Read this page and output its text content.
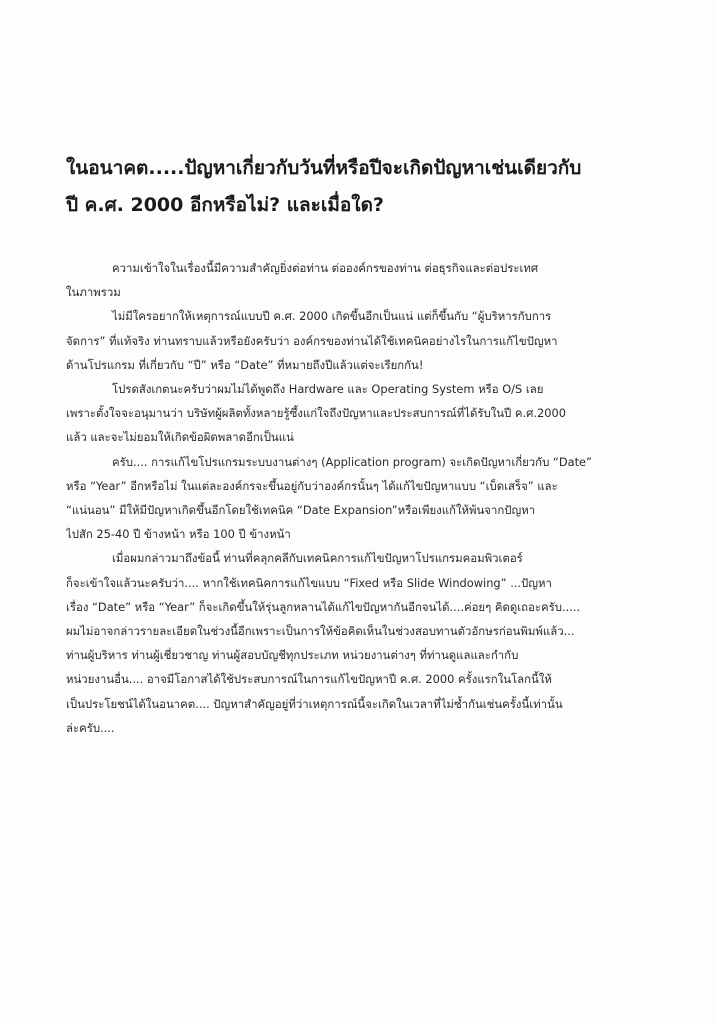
ในอนาคต.....ปัญหาเกี่ยวกับวันที่หรือปีจะเกิดปัญหาเช่นเดียวกับ
ปี ค.ศ. 2000 อีกหรือไม่? และเมื่อใด?
ความเข้าใจในเรื่องนี้มีความสำคัญยิ่งต่อท่าน ต่อองค์กรของท่าน ต่อธุรกิจและต่อประเทศ
ในภาพรวม
ไม่มีใครอยากให้เหตุการณ์แบบปี ค.ศ. 2000 เกิดขึ้นอีกเป็นแน่ แต่ก็ขึ้นกับ “ผู้บริหารกับการ
จัดการ” ที่แท้จริง ท่านทราบแล้วหรือยังครับว่า องค์กรของท่านได้ใช้เทคนิคอย่างไรในการแก้ไขปัญหา
ด้านโปรแกรม ที่เกี่ยวกับ “ปี” หรือ “Date” ที่หมายถึงปีแล้วแต่จะเรียกกัน!
โปรดสังเกตนะครับว่าผมไม่ได้พูดถึง Hardware และ Operating System หรือ O/S เลย
เพราะตั้งใจจะอนุมานว่า บริษัทผู้ผลิตทั้งหลายรู้ซึ้งแก่ใจถึงปัญหาและประสบการณ์ที่ได้รับในปี ค.ศ.2000
แล้ว และจะไม่ยอมให้เกิดข้อผิดพลาดอีกเป็นแน่
ครับ.... การแก้ไขโปรแกรมระบบงานต่างๆ (Application program) จะเกิดปัญหาเกี่ยวกับ “Date”
หรือ “Year” อีกหรือไม่ ในแต่ละองค์กรจะขึ้นอยู่กับว่าองค์กรนั้นๆ ได้แก้ไขปัญหาแบบ “เบ็ดเสร็จ” และ
“แน่นอน” มีให้มีปัญหาเกิดขึ้นอีกโดยใช้เทคนิค “Date Expansion”หรือเพียงแก้ให้พ้นจากปัญหา
ไปสัก 25-40 ปี ข้างหน้า หรือ 100 ปี ข้างหน้า
เมื่อผมกล่าวมาถึงข้อนี้ ท่านที่คลุกคลีกับเทคนิคการแก้ไขปัญหาโปรแกรมคอมพิวเตอร์
ก็จะเข้าใจแล้วนะครับว่า.... หากใช้เทคนิคการแก้ไขแบบ “Fixed หรือ Slide Windowing” ...ปัญหา
เรื่อง “Date” หรือ “Year” ก็จะเกิดขึ้นให้รุ่นลูกหลานได้แก้ไขปัญหากันอีกจนได้....ค่อยๆ คิดดูเถอะครับ.....
ผมไม่อาจกล่าวรายละเอียดในช่วงนี้อีกเพราะเป็นการให้ข้อคิดเห็นในช่วงสอบทานตัวอักษรก่อนพิมพ์แล้ว...
ท่านผู้บริหาร ท่านผู้เชี่ยวชาญ ท่านผู้สอบบัญชีทุกประเภท หน่วยงานต่างๆ ที่ท่านดูแลและกำกับ
หน่วยงานอื่น.... อาจมีโอกาสได้ใช้ประสบการณ์ในการแก้ไขปัญหาปี ค.ศ. 2000 ครั้งแรกในโลกนี้ให้
เป็นประโยชน์ได้ในอนาคต.... ปัญหาสำคัญอยู่ที่ว่าเหตุการณ์นี้จะเกิดในเวลาที่ไม่ซ้ำกันเช่นครั้งนี้เท่านั้น
ล่ะครับ....
